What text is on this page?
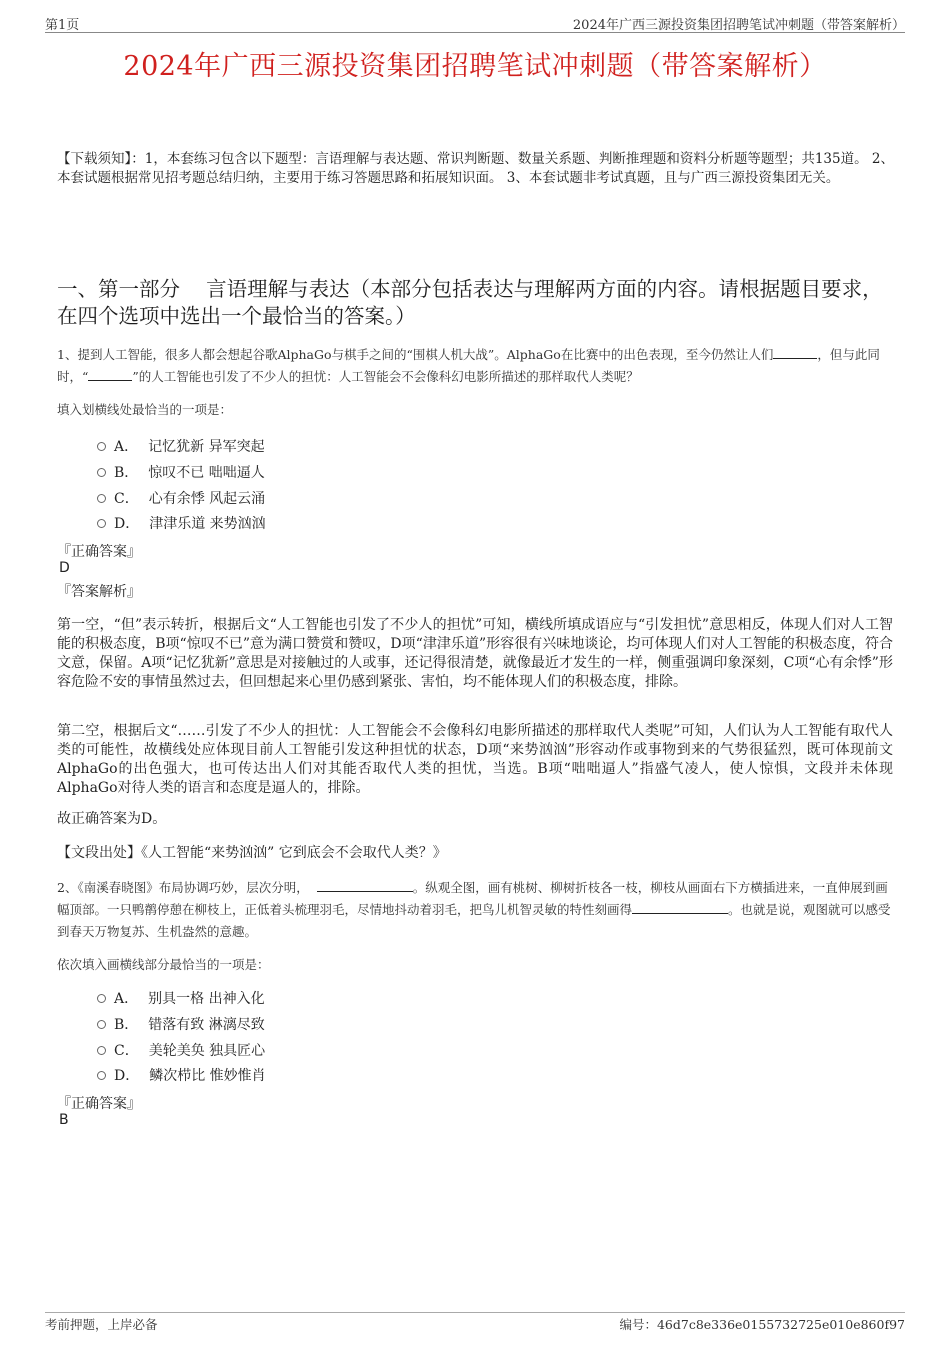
第1页	2024年广西三源投资集团招聘笔试冲刺题（带答案解析）
2024年广西三源投资集团招聘笔试冲刺题（带答案解析）
【下载须知】：1，本套练习包含以下题型：言语理解与表达题、常识判断题、数量关系题、判断推理题和资料分析题等题型；共135道。 2、本套试题根据常见招考题总结归纳，主要用于练习答题思路和拓展知识面。 3、本套试题非考试真题，且与广西三源投资集团无关。
一、第一部分    言语理解与表达（本部分包括表达与理解两方面的内容。请根据题目要求，在四个选项中选出一个最恰当的答案。）
1、提到人工智能，很多人都会想起谷歌AlphaGo与棋手之间的“围棋人机大战”。AlphaGo在比赛中的出色表现，至今仍然让人们	，但与此同时，“	”的人工智能也引发了不少人的担忧：人工智能会不会像科幻电影所描述的那样取代人类呢？
填入划横线处最恰当的一项是：
A． 记忆犹新 异军突起
B． 惊叹不已 咄咄逼人
C． 心有余悸 风起云涌
D． 津津乐道 来势汹汹
『正确答案』
D
『答案解析』
第一空，“但”表示转折，根据后文“人工智能也引发了不少人的担忧”可知，横线所填成语应与“引发担忧”意思相反，体现人们对人工智能的积极态度，B项“惊叹不已”意为满口赞赏和赞叹，D项“津津乐道”形容很有兴味地谈论，均可体现人们对人工智能的积极态度，符合文意，保留。A项“记忆犹新”意思是对接触过的人或事，还记得很清楚，就像最近才发生的一样，侧重强调印象深刻，C项“心有余悸”形容危险不安的事情虽然过去，但回想起来心里仍感到紧张、害怕，均不能体现人们的积极态度，排除。
第二空，根据后文“……引发了不少人的担忧：人工智能会不会像科幻电影所描述的那样取代人类呢”可知，人们认为人工智能有取代人类的可能性，故横线处应体现目前人工智能引发这种担忧的状态，D项“来势汹汹”形容动作或事物到来的气势很猛烈，既可体现前文AlphaGo的出色强大，也可传达出人们对其能否取代人类的担忧，当选。B项“咄咄逼人”指盛气凌人，使人惊惧，文段并未体现AlphaGo对待人类的语言和态度是逼人的，排除。
故正确答案为D。
【文段出处】《人工智能“来势汹汹” 它到底会不会取代人类？》
2、《南溪春晓图》布局协调巧妙，层次分明，	。纵观全图，画有桃树、柳树折枝各一枝，柳枝从画面右下方横插进来，一直伸展到画幅顶部。一只鸭鹡停憩在柳枝上，正低着头梳理羽毛，尽情地抖动着羽毛，把鸟儿机智灵敏的特性刻画得	。也就是说，观图就可以感受到春天万物复苏、生机盎然的意趣。
依次填入画横线部分最恰当的一项是：
A． 别具一格 出神入化
B． 错落有致 淋漓尽致
C． 美轮美奂 独具匠心
D． 鳞次栉比 惟妙惟肖
『正确答案』
B
考前押题，上岸必备	编号：46d7c8e336e0155732725e010e860f97
